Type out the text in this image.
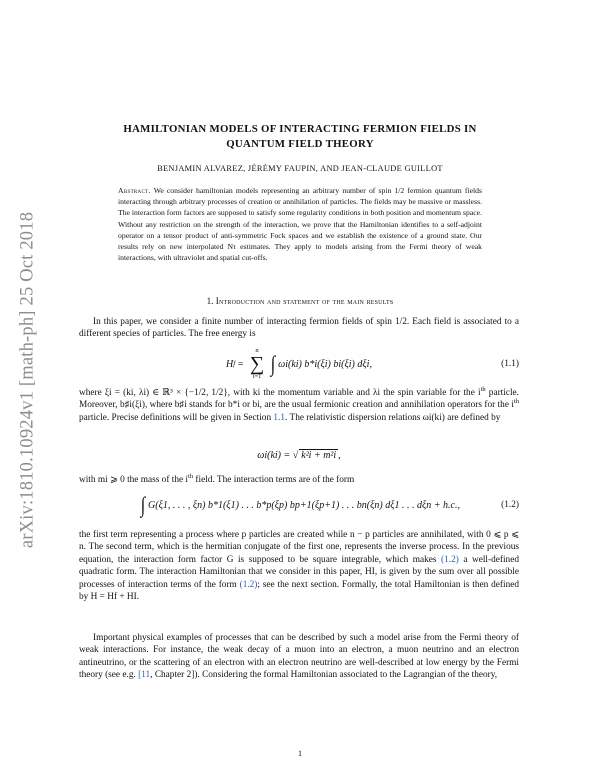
arXiv:1810.10924v1 [math-ph] 25 Oct 2018
HAMILTONIAN MODELS OF INTERACTING FERMION FIELDS IN
QUANTUM FIELD THEORY
BENJAMIN ALVAREZ, JÉRÉMY FAUPIN, AND JEAN-CLAUDE GUILLOT
Abstract. We consider hamiltonian models representing an arbitrary number of spin 1/2 fermion quantum fields interacting through arbitrary processes of creation or annihilation of particles. The fields may be massive or massless. The interaction form factors are supposed to satisfy some regularity conditions in both position and momentum space. Without any restriction on the strength of the interaction, we prove that the Hamiltonian identifies to a self-adjoint operator on a tensor product of anti-symmetric Fock spaces and we establish the existence of a ground state. Our results rely on new interpolated Nτ estimates. They apply to models arising from the Fermi theory of weak interactions, with ultraviolet and spatial cut-offs.
1. Introduction and statement of the main results
In this paper, we consider a finite number of interacting fermion fields of spin 1/2. Each field is associated to a different species of particles. The free energy is
H f =
n
∑
i=1
∫ ωi(ki) b*i(ξi) bi(ξi) dξi,	(1.1)
where ξi = (ki, λi) ∈ ℝ³ × {−1/2, 1/2}, with ki the momentum variable and λi the spin variable for the $i^{th}$ particle. Moreover, b♯i(ξi), where b♯i stands for b*i or bi, are the usual fermionic creation and annihilation operators for the $i^{th}$ particle. Precise definitions will be given in Section 1.1. The relativistic dispersion relations ωi(ki) are defined by
ωi(ki) = √ k²i + m²i ,
with mi ⩾ 0 the mass of the $i^{th}$ field. The interaction terms are of the form
∫ G(ξ1, . . . , ξn) b*1(ξ1) . . . b*p(ξp) bp+1(ξp+1) . . . bn(ξn) dξ1 . . . dξn + h.c.,	(1.2)
the first term representing a process where p particles are created while n − p particles are annihilated, with 0 ⩽ p ⩽ n. The second term, which is the hermitian conjugate of the first one, represents the inverse process. In the previous equation, the interaction form factor G is supposed to be square integrable, which makes (1.2) a well-defined quadratic form. The interaction Hamiltonian that we consider in this paper, HI, is given by the sum over all possible processes of interaction terms of the form (1.2); see the next section. Formally, the total Hamiltonian is then defined by H = Hf + HI.
Important physical examples of processes that can be described by such a model arise from the Fermi theory of weak interactions. For instance, the weak decay of a muon into an electron, a muon neutrino and an electron antineutrino, or the scattering of an electron with an electron neutrino are well-described at low energy by the Fermi theory (see e.g. [11, Chapter 2]). Considering the formal Hamiltonian associated to the Lagrangian of the theory,
1
